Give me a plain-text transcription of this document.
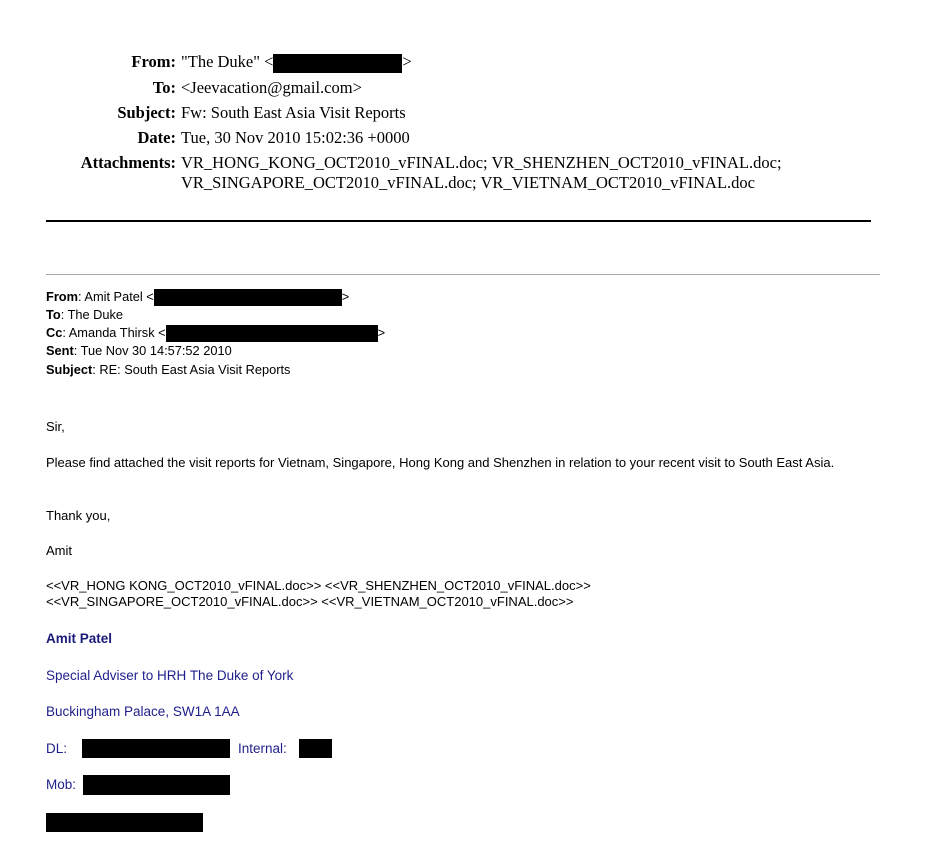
From: "The Duke" <	>
To: <Jeevacation@gmail.com>
Subject: Fw: South East Asia Visit Reports
Date: Tue, 30 Nov 2010 15:02:36 +0000
Attachments: VR_HONG_KONG_OCT2010_vFINAL.doc; VR_SHENZHEN_OCT2010_vFINAL.doc;
VR_SINGAPORE_OCT2010_vFINAL.doc; VR_VIETNAM_OCT2010_vFINAL.doc
From: Amit Patel <	>
To: The Duke
Cc: Amanda Thirsk <	>
Sent: Tue Nov 30 14:57:52 2010
Subject: RE: South East Asia Visit Reports
Sir,
Please find attached the visit reports for Vietnam, Singapore, Hong Kong and Shenzhen in relation to your recent visit to South East Asia.
Thank you,
Amit
<<VR_HONG KONG_OCT2010_vFINAL.doc>> <<VR_SHENZHEN_OCT2010_vFINAL.doc>>
<<VR_SINGAPORE_OCT2010_vFINAL.doc>> <<VR_VIETNAM_OCT2010_vFINAL.doc>>
Amit Patel
Special Adviser to HRH The Duke of York
Buckingham Palace, SW1A 1AA
DL:	Internal:
Mob:
